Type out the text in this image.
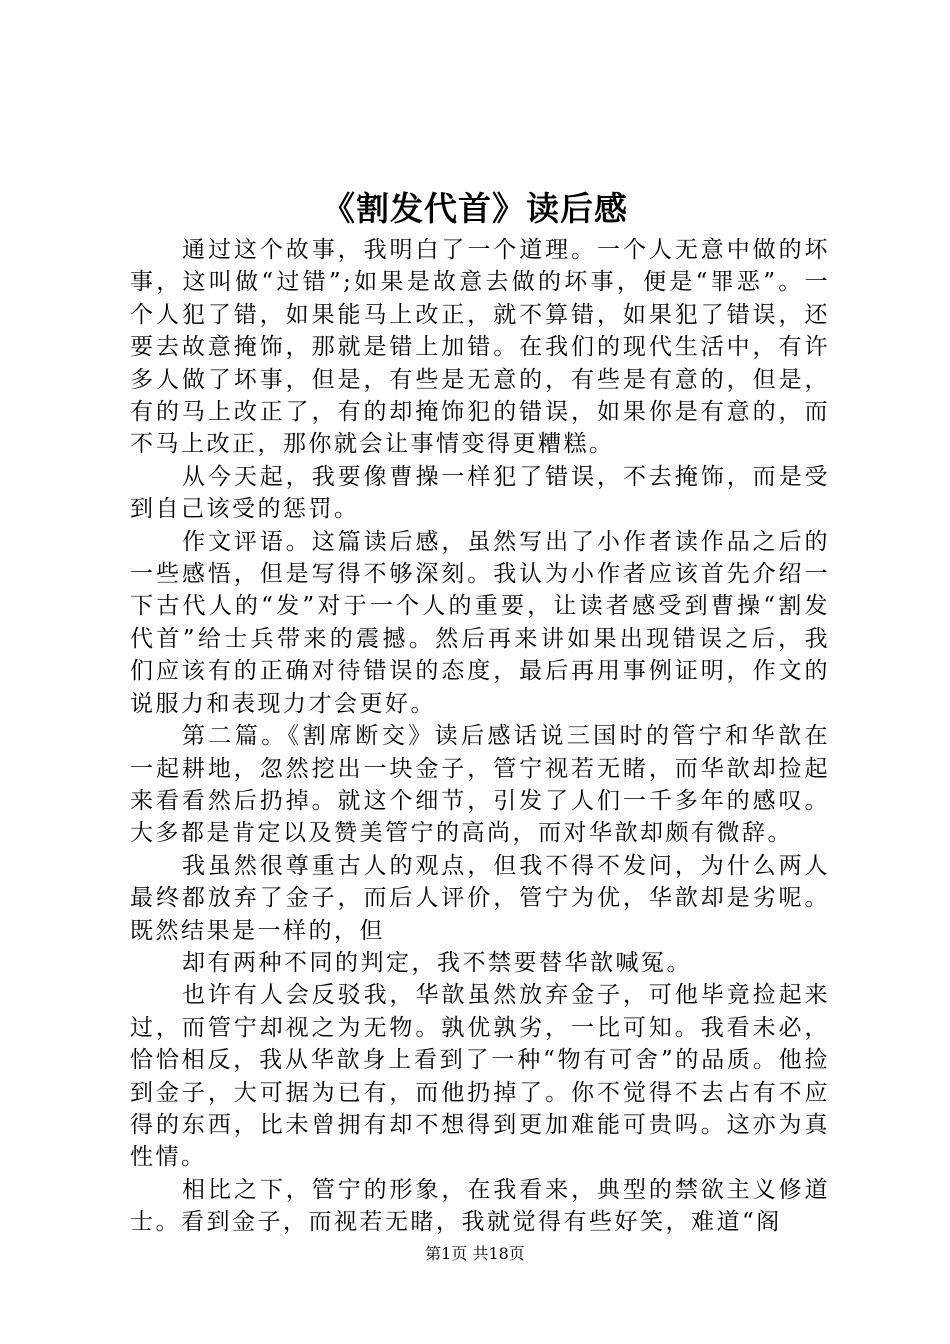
《割发代首》读后感

通过这个故事，我明白了一个道理。一个人无意中做的坏事，这叫做“过错”;如果是故意去做的坏事，便是“罪恶”。一个人犯了错，如果能马上改正，就不算错，如果犯了错误，还要去故意掩饰，那就是错上加错。在我们的现代生活中，有许多人做了坏事，但是，有些是无意的，有些是有意的，但是，有的马上改正了，有的却掩饰犯的错误，如果你是有意的，而不马上改正，那你就会让事情变得更糟糕。

从今天起，我要像曹操一样犯了错误，不去掩饰，而是受到自己该受的惩罚。

作文评语。这篇读后感，虽然写出了小作者读作品之后的一些感悟，但是写得不够深刻。我认为小作者应该首先介绍一下古代人的“发”对于一个人的重要，让读者感受到曹操“割发代首”给士兵带来的震撼。然后再来讲如果出现错误之后，我们应该有的正确对待错误的态度，最后再用事例证明，作文的说服力和表现力才会更好。

第二篇。《割席断交》读后感话说三国时的管宁和华歆在一起耕地，忽然挖出一块金子，管宁视若无睹，而华歆却捡起来看看然后扔掉。就这个细节，引发了人们一千多年的感叹。大多都是肯定以及赞美管宁的高尚，而对华歆却颇有微辞。

我虽然很尊重古人的观点，但我不得不发问，为什么两人最终都放弃了金子，而后人评价，管宁为优，华歆却是劣呢。既然结果是一样的，但

却有两种不同的判定，我不禁要替华歆喊冤。

也许有人会反驳我，华歆虽然放弃金子，可他毕竟捡起来过，而管宁却视之为无物。孰优孰劣，一比可知。我看未必，恰恰相反，我从华歆身上看到了一种“物有可舍”的品质。他捡到金子，大可据为已有，而他扔掉了。你不觉得不去占有不应得的东西，比未曾拥有却不想得到更加难能可贵吗。这亦为真性情。

相比之下，管宁的形象，在我看来，典型的禁欲主义修道士。看到金子，而视若无睹，我就觉得有些好笑，难道“阁

第1页 共18页
